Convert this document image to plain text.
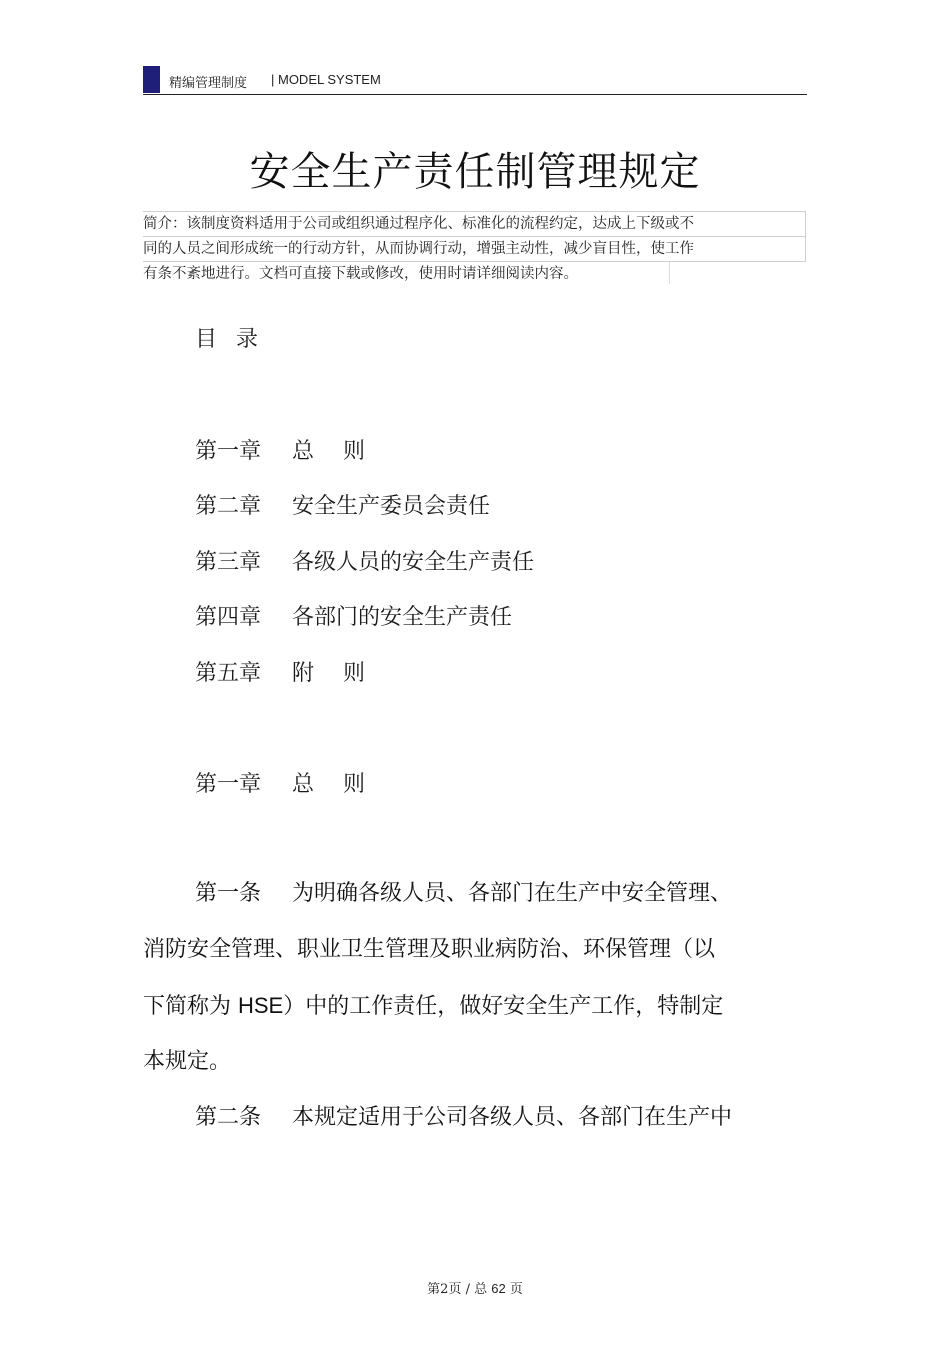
精编管理制度 | MODEL SYSTEM
安全生产责任制管理规定
简介：该制度资料适用于公司或组织通过程序化、标准化的流程约定，达成上下级或不
同的人员之间形成统一的行动方针，从而协调行动，增强主动性，减少盲目性，使工作
有条不紊地进行。文档可直接下载或修改，使用时请详细阅读内容。
目 录
第一章 总　 则
第二章 安全生产委员会责任
第三章 各级人员的安全生产责任
第四章 各部门的安全生产责任
第五章 附　 则
第一章 总　 则
第一条 为明确各级人员、各部门在生产中安全管理、
消防安全管理、职业卫生管理及职业病防治、环保管理（以
下简称为 HSE）中的工作责任，做好安全生产工作，特制定
本规定。
第二条 本规定适用于公司各级人员、各部门在生产中
第2页 / 总 62 页
